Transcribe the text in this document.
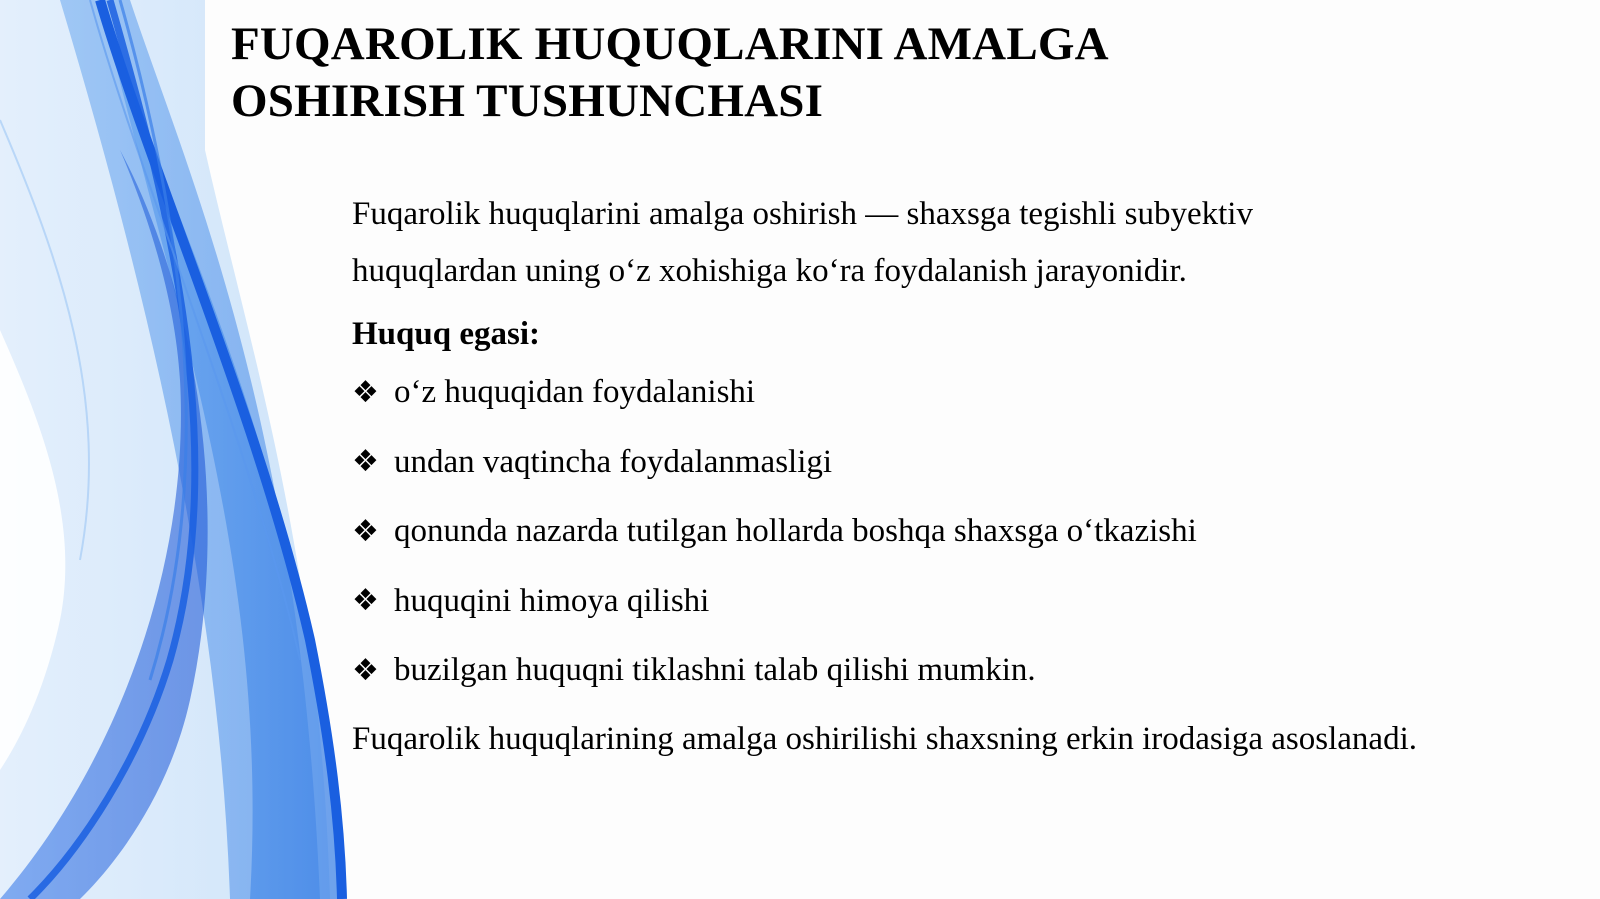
FUQAROLIK HUQUQLARINI AMALGA
OSHIRISH TUSHUNCHASI

Fuqarolik huquqlarini amalga oshirish — shaxsga tegishli subyektiv
huquqlardan uning o‘z xohishiga ko‘ra foydalanish jarayonidir.

Huquq egasi:

❖ o‘z huquqidan foydalanishi
❖ undan vaqtincha foydalanmasligi
❖ qonunda nazarda tutilgan hollarda boshqa shaxsga o‘tkazishi
❖ huquqini himoya qilishi
❖ buzilgan huquqni tiklashni talab qilishi mumkin.

Fuqarolik huquqlarining amalga oshirilishi shaxsning erkin irodasiga asoslanadi.
